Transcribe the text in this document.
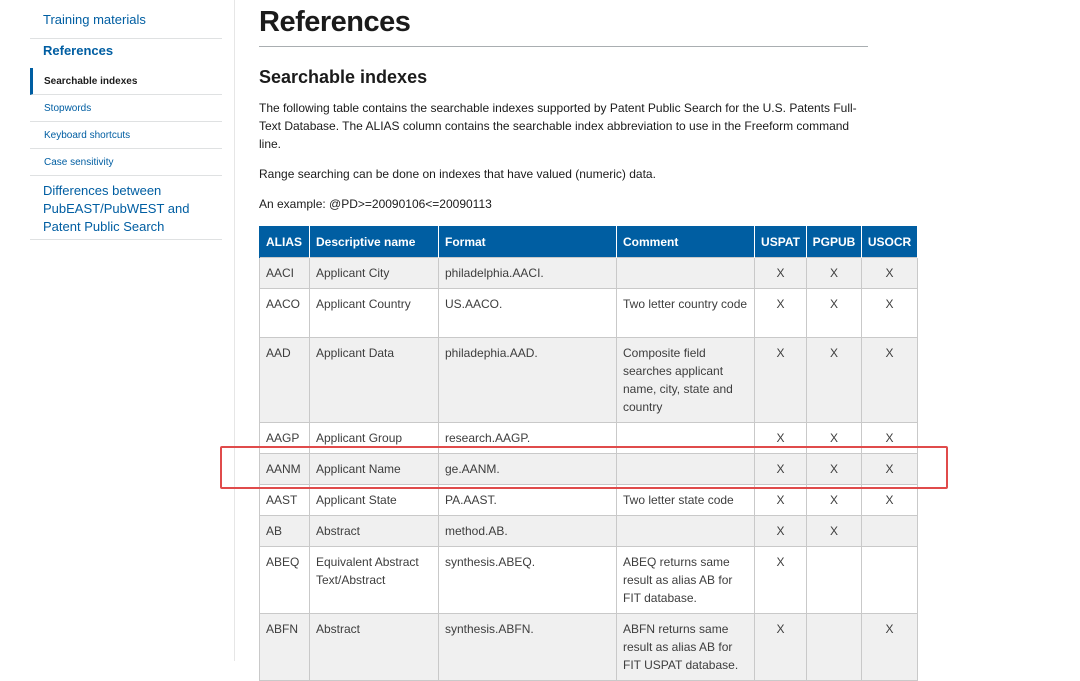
Training materials
References
Searchable indexes
Stopwords
Keyboard shortcuts
Case sensitivity
Differences between PubEAST/PubWEST and Patent Public Search
References
Searchable indexes

The following table contains the searchable indexes supported by Patent Public Search for the U.S. Patents Full-Text Database. The ALIAS column contains the searchable index abbreviation to use in the Freeform command line.

Range searching can be done on indexes that have valued (numeric) data.

An example: @PD>=20090106<=20090113

ALIAS	Descriptive name	Format	Comment	USPAT	PGPUB	USOCR
AACI	Applicant City	philadelphia.AACI.		X	X	X
AACO	Applicant Country	US.AACO.	Two letter country code	X	X	X
AAD	Applicant Data	philadephia.AAD.	Composite field searches applicant name, city, state and country	X	X	X
AAGP	Applicant Group	research.AAGP.		X	X	X
AANM	Applicant Name	ge.AANM.		X	X	X
AAST	Applicant State	PA.AAST.	Two letter state code	X	X	X
AB	Abstract	method.AB.		X	X	
ABEQ	Equivalent Abstract Text/Abstract	synthesis.ABEQ.	ABEQ returns same result as alias AB for FIT database.	X		
ABFN	Abstract	synthesis.ABFN.	ABFN returns same result as alias AB for FIT USPAT database.	X		X
